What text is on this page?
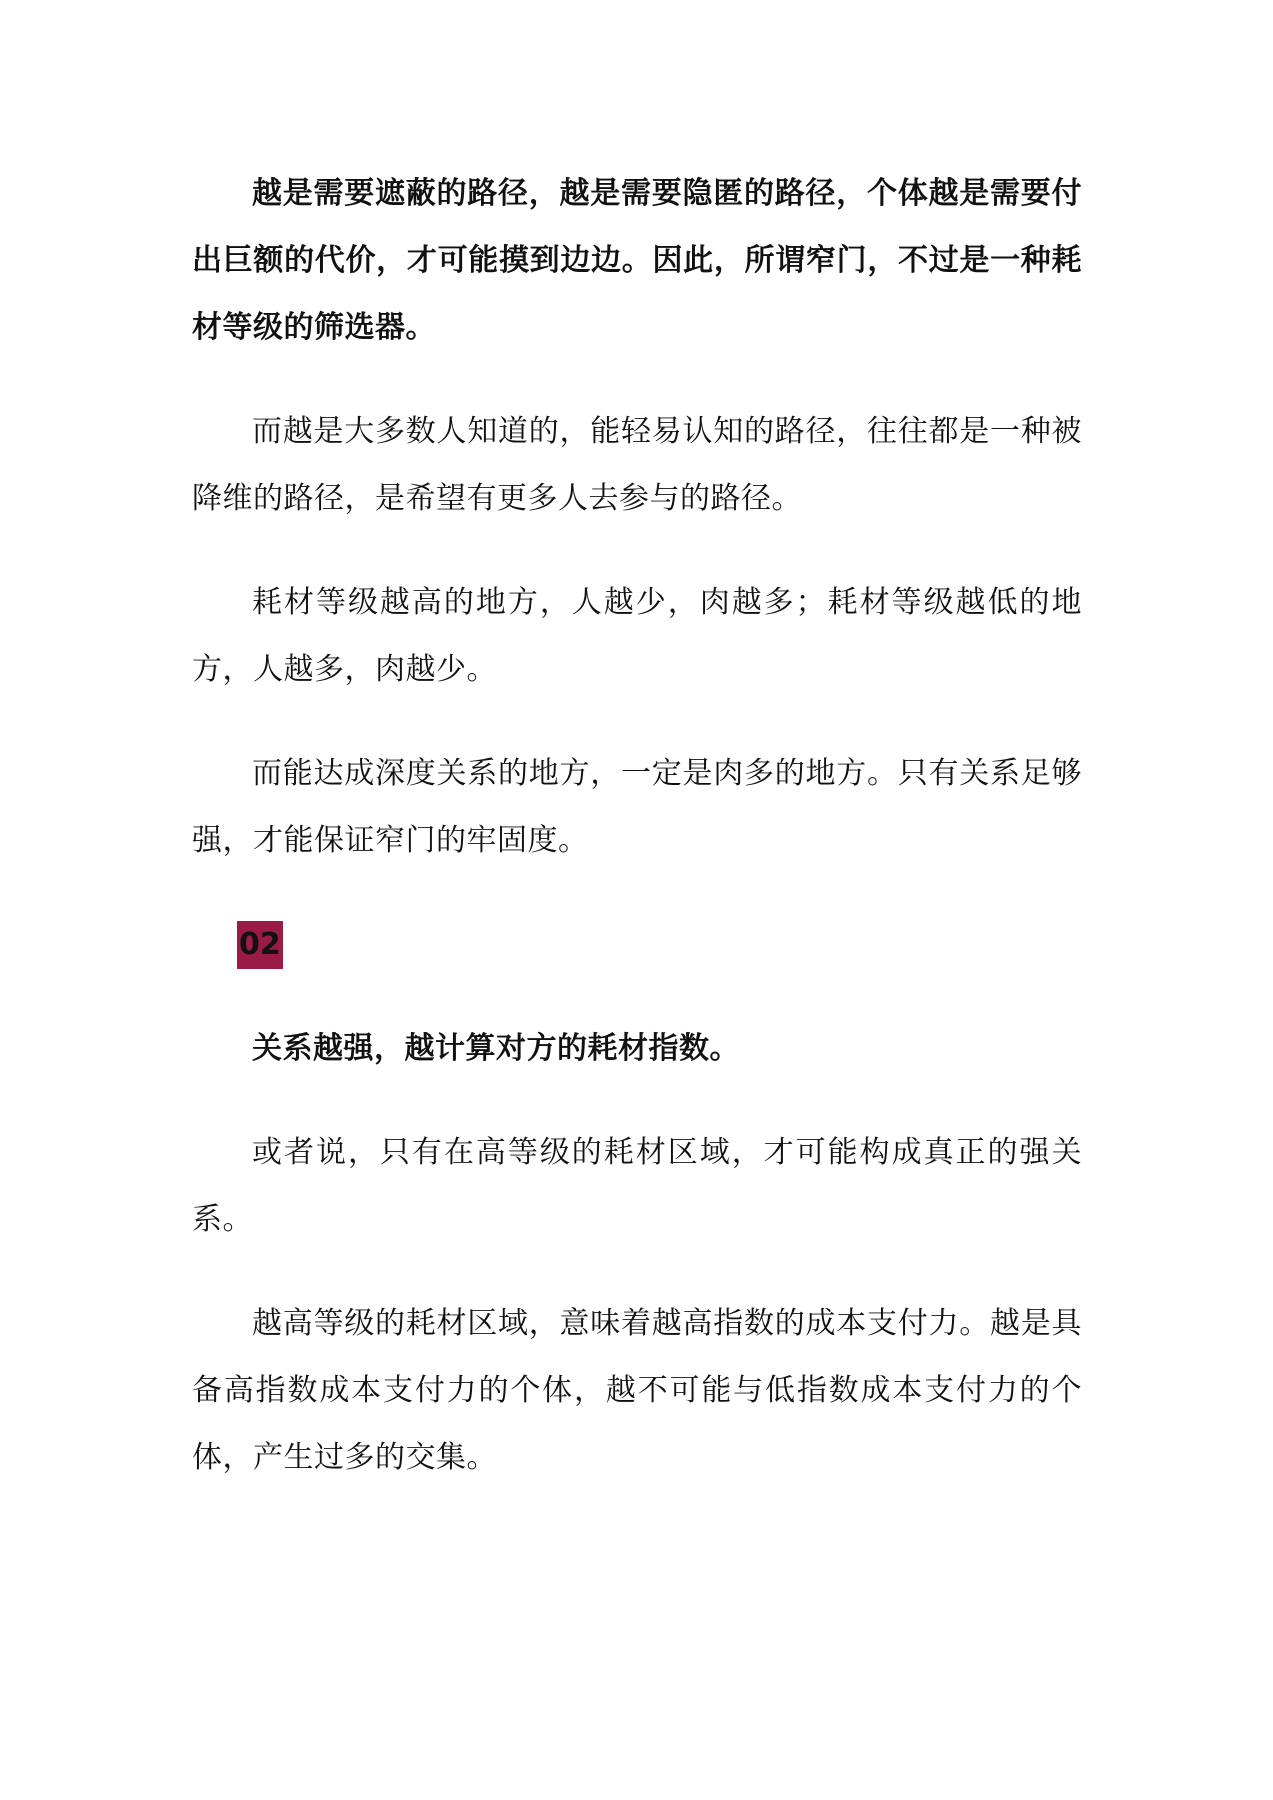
越是需要遮蔽的路径，越是需要隐匿的路径，个体越是需要付出巨额的代价，才可能摸到边边。因此，所谓窄门，不过是一种耗材等级的筛选器。

而越是大多数人知道的，能轻易认知的路径，往往都是一种被降维的路径，是希望有更多人去参与的路径。

耗材等级越高的地方，人越少，肉越多；耗材等级越低的地方，人越多，肉越少。

而能达成深度关系的地方，一定是肉多的地方。只有关系足够强，才能保证窄门的牢固度。

02

关系越强，越计算对方的耗材指数。

或者说，只有在高等级的耗材区域，才可能构成真正的强关系。

越高等级的耗材区域，意味着越高指数的成本支付力。越是具备高指数成本支付力的个体，越不可能与低指数成本支付力的个体，产生过多的交集。
